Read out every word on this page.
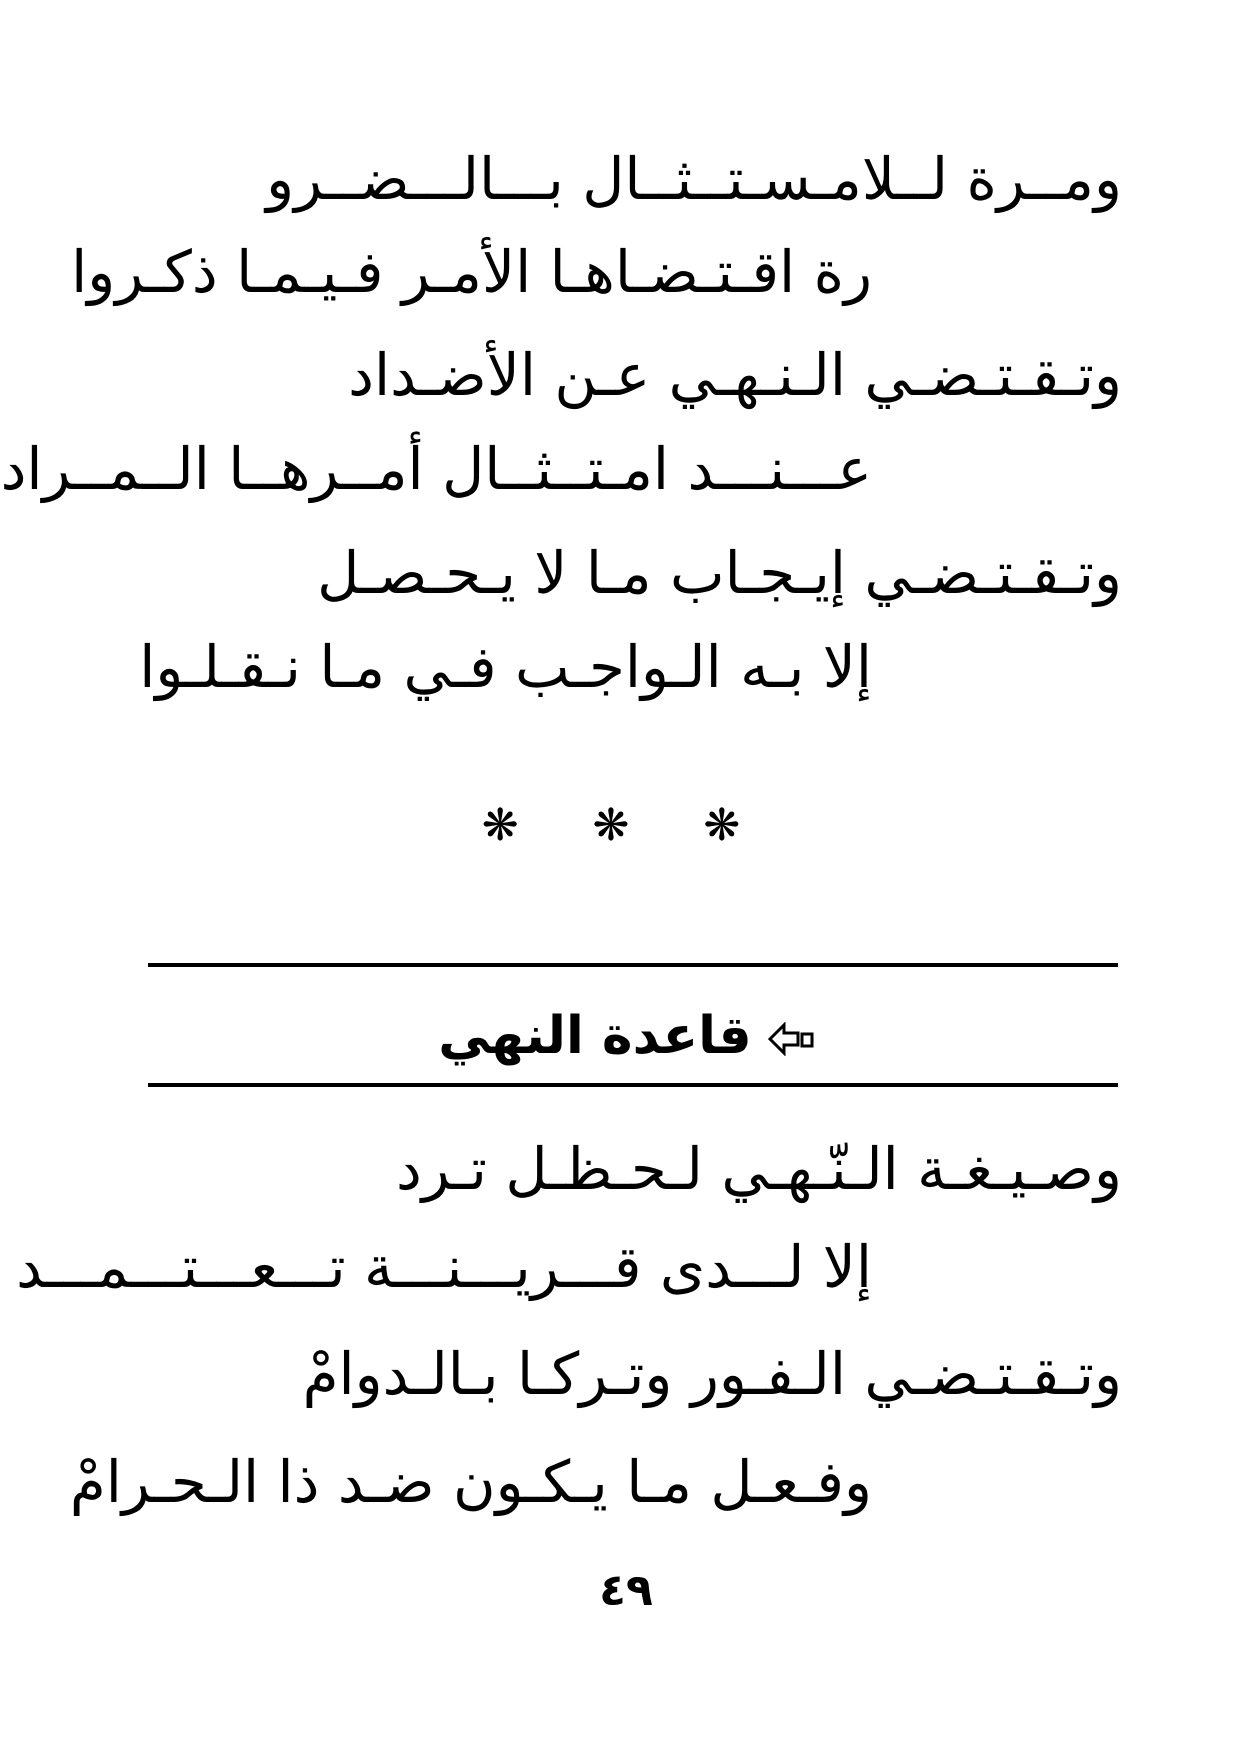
ومــرة لــلامـسـتــثــال بـــالـــضــرو
رة اقـتـضـاهـا الأمـر فـيـمـا ذكـروا
وتـقـتـضـي الـنـهـي عـن الأضـداد
عـــنـــد امـتــثــال أمــرهــا الــمــراد
وتـقـتـضـي إيـجـاب مـا لا يـحـصـل
إلا بـه الـواجـب فـي مـا نـقـلـوا
❋ ❋ ❋
قاعدة النهي
وصـيـغـة الـنّـهـي لـحـظـل تـرد
إلا لـــدى قـــريـــنـــة تـــعـــتـــمـــد
وتـقـتـضـي الـفـور وتـركـا بـالـدوامْ
وفـعـل مـا يـكـون ضـد ذا الـحـرامْ
٤٩
